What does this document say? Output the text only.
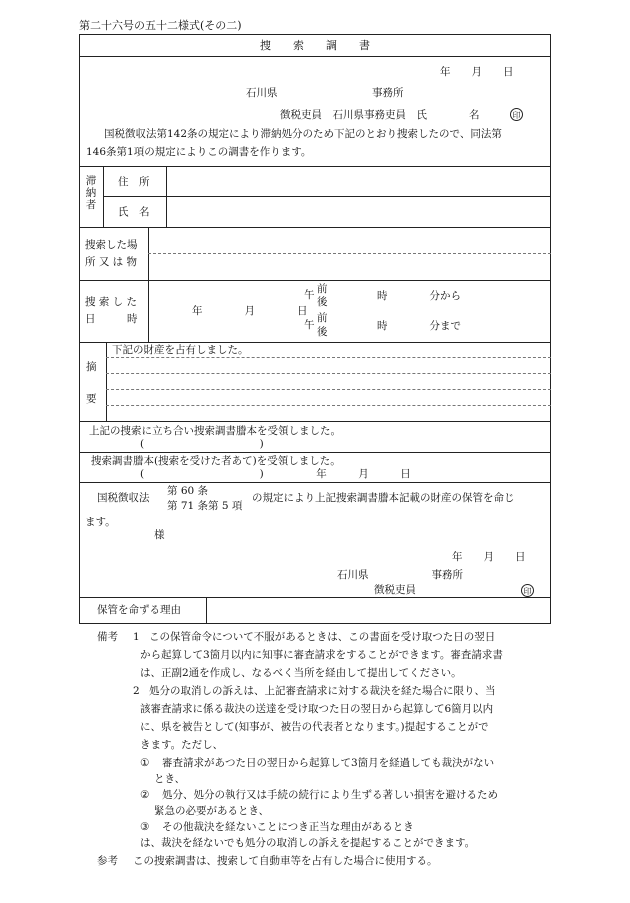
第二十六号の五十二様式(その二)
捜　　索　　調　　書
年　　月　　日
石川県　　　　　　　　　事務所
徴税吏員　石川県事務吏員　氏　　　　名	印
国税徴収法第142条の規定により滞納処分のため下記のとおり捜索したので、同法第
146条第1項の規定によりこの調書を作ります。
滞納者
住　所
氏　名
捜索した場
所 又 は 物
捜 索 し た
日　　　時
年　　　　月　　　　日
午 前
後	時　　　　分から
午
前
後	時　　　　分まで
摘
要
下記の財産を占有しました。
上記の捜索に立ち合い捜索調書謄本を受領しました。
(　　　　　　　　　　　)
捜索調書謄本(捜索を受けた者あて)を受領しました。
(　　　　　　　　　　　)　　　　　年　　　月　　　日
国税徴収法
第 60 条
第 71 条第 5 項
の規定により上記捜索調書謄本記載の財産の保管を命じ
ます。
様
年　　月　　日
石川県　　　　　　事務所
徴税吏員	印
保管を命ずる理由
備考 1 この保管命令について不服があるときは、この書面を受け取つた日の翌日
から起算して3箇月以内に知事に審査請求をすることができます。審査請求書
は、正副2通を作成し、なるべく当所を経由して提出してください。
2 処分の取消しの訴えは、上記審査請求に対する裁決を経た場合に限り、当
該審査請求に係る裁決の送達を受け取つた日の翌日から起算して6箇月以内
に、県を被告として(知事が、被告の代表者となります。)提起することがで
きます。ただし、
① 審査請求があつた日の翌日から起算して3箇月を経過しても裁決がない
とき、
② 処分、処分の執行又は手続の続行により生ずる著しい損害を避けるため
緊急の必要があるとき、
③ その他裁決を経ないことにつき正当な理由があるとき
は、裁決を経ないでも処分の取消しの訴えを提起することができます。
参考 この捜索調書は、捜索して自動車等を占有した場合に使用する。
